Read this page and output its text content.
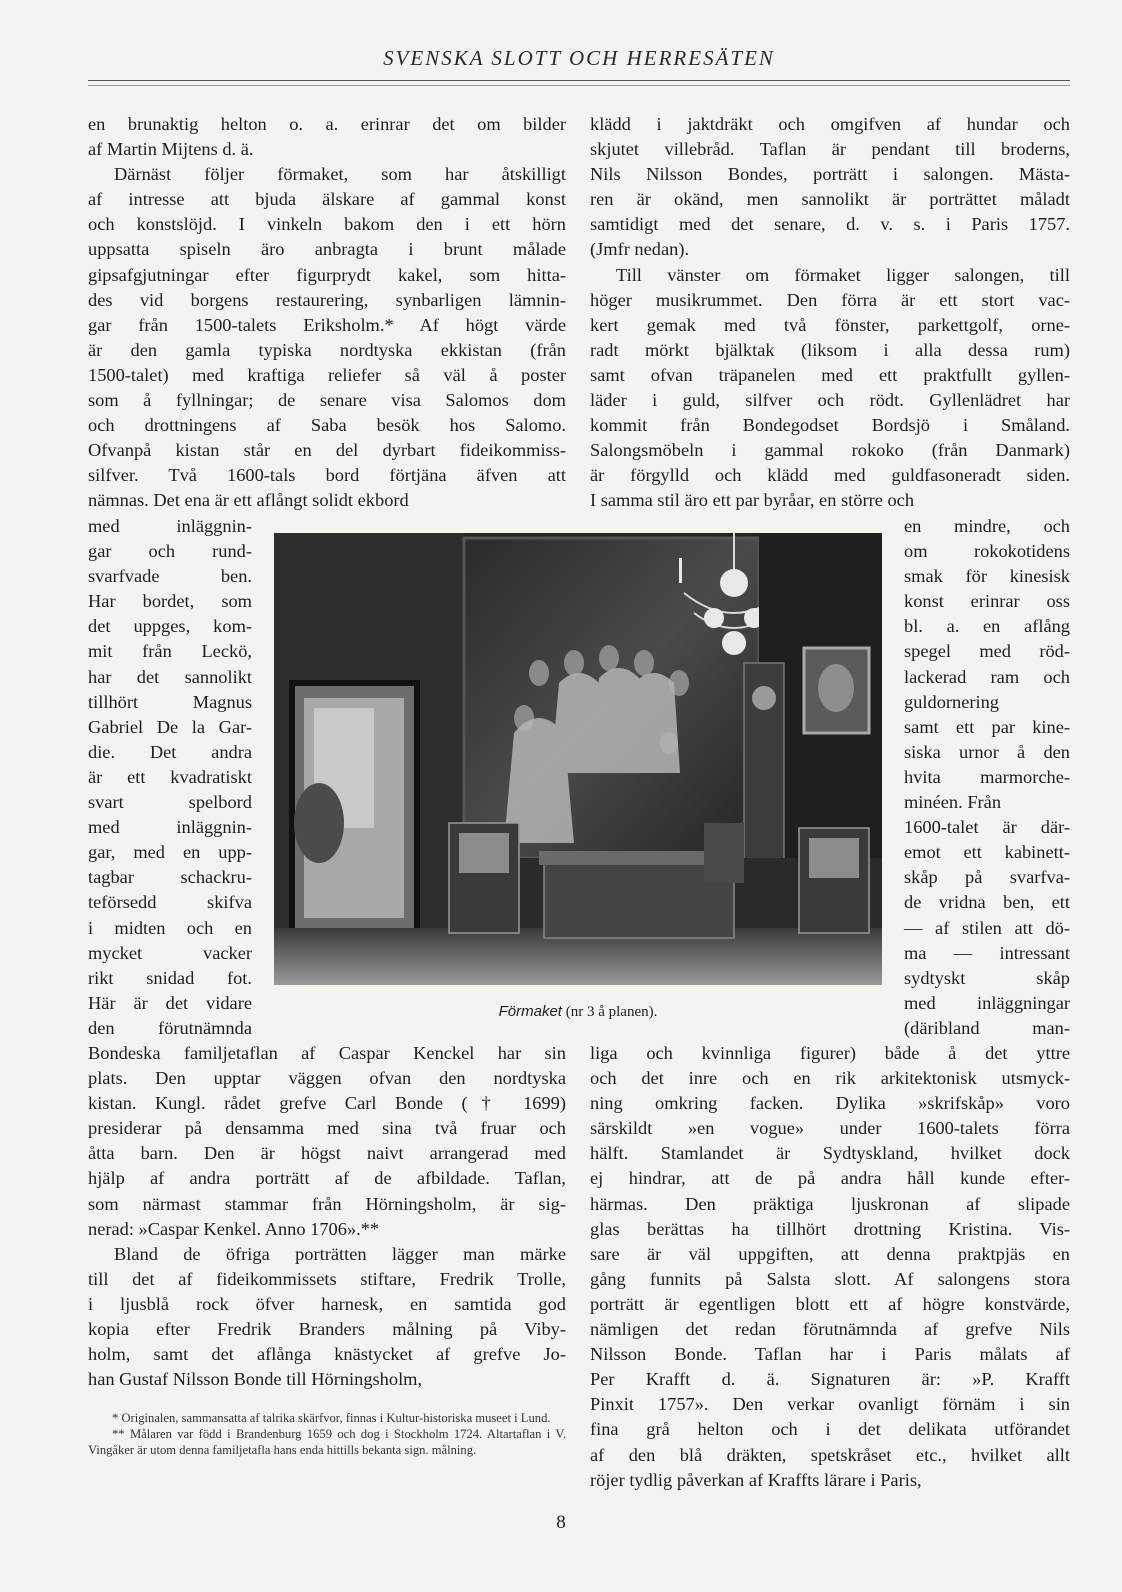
SVENSKA SLOTT OCH HERRESÄTEN
en brunaktig helton o. a. erinrar det om bilder
af Martin Mijtens d. ä.
Därnäst följer förmaket, som har åtskilligt
af intresse att bjuda älskare af gammal konst
och konstslöjd. I vinkeln bakom den i ett hörn
uppsatta spiseln äro anbragta i brunt målade
gipsafgjutningar efter figurprydt kakel, som hitta-
des vid borgens restaurering, synbarligen lämnin-
gar från 1500-talets Eriksholm.* Af högt värde
är den gamla typiska nordtyska ekkistan (från
1500-talet) med kraftiga reliefer så väl å poster
som å fyllningar; de senare visa Salomos dom
och drottningens af Saba besök hos Salomo.
Ofvanpå kistan står en del dyrbart fideikommiss-
silfver. Två 1600-tals bord förtjäna äfven att
nämnas. Det ena är ett aflångt solidt ekbord
med inläggnin-
gar och rund-
svarfvade ben.
Har bordet, som
det uppges, kom-
mit från Leckö,
har det sannolikt
tillhört Magnus
Gabriel De la Gar-
die. Det andra
är ett kvadratiskt
svart spelbord
med inläggnin-
gar, med en upp-
tagbar schackru-
teförsedd skifva
i midten och en
mycket vacker
rikt snidad fot.
Här är det vidare
den förutnämnda
Bondeska familjetaflan af Caspar Kenckel har sin
plats. Den upptar väggen ofvan den nordtyska
kistan. Kungl. rådet grefve Carl Bonde († 1699)
presiderar på densamma med sina två fruar och
åtta barn. Den är högst naivt arrangerad med
hjälp af andra porträtt af de afbildade. Taflan,
som närmast stammar från Hörningsholm, är sig-
nerad: »Caspar Kenkel. Anno 1706».**
Bland de öfriga porträtten lägger man märke
till det af fideikommissets stiftare, Fredrik Trolle,
i ljusblå rock öfver harnesk, en samtida god
kopia efter Fredrik Branders målning på Viby-
holm, samt det aflånga knästycket af grefve Jo-
han Gustaf Nilsson Bonde till Hörningsholm,
klädd i jaktdräkt och omgifven af hundar och
skjutet villebråd. Taflan är pendant till broderns,
Nils Nilsson Bondes, porträtt i salongen. Mästa-
ren är okänd, men sannolikt är porträttet måladt
samtidigt med det senare, d. v. s. i Paris 1757.
(Jmfr nedan).
Till vänster om förmaket ligger salongen, till
höger musikrummet. Den förra är ett stort vac-
kert gemak med två fönster, parkettgolf, orne-
radt mörkt bjälktak (liksom i alla dessa rum)
samt ofvan träpanelen med ett praktfullt gyllen-
läder i guld, silfver och rödt. Gyllenlädret har
kommit från Bondegodset Bordsjö i Småland.
Salongsmöbeln i gammal rokoko (från Danmark)
är förgylld och klädd med guldfasoneradt siden.
I samma stil äro ett par byråar, en större och
en mindre, och
om rokokotidens
smak för kinesisk
konst erinrar oss
bl. a. en aflång
spegel med röd-
lackerad ram och
guldornering
samt ett par kine-
siska urnor å den
hvita marmorche-
minéen. Från
1600-talet är där-
emot ett kabinett-
skåp på svarfva-
de vridna ben, ett
— af stilen att dö-
ma — intressant
sydtyskt skåp
med inläggningar
(däribland man-
liga och kvinnliga figurer) både å det yttre
och det inre och en rik arkitektonisk utsmyck-
ning omkring facken. Dylika »skrifskåp» voro
särskildt »en vogue» under 1600-talets förra
hälft. Stamlandet är Sydtyskland, hvilket dock
ej hindrar, att de på andra håll kunde efter-
härmas. Den präktiga ljuskronan af slipade
glas berättas ha tillhört drottning Kristina. Vis-
sare är väl uppgiften, att denna praktpjäs en
gång funnits på Salsta slott. Af salongens stora
porträtt är egentligen blott ett af högre konstvärde,
nämligen det redan förutnämnda af grefve Nils
Nilsson Bonde. Taflan har i Paris målats af
Per Krafft d. ä. Signaturen är: »P. Krafft
Pinxit 1757». Den verkar ovanligt förnäm i sin
fina grå helton och i det delikata utförandet
af den blå dräkten, spetskråset etc., hvilket allt
röjer tydlig påverkan af Kraffts lärare i Paris,
Förmaket (nr 3 å planen).

* Originalen, sammansatta af talrika skärfvor, finnas i Kultur-historiska museet i Lund.

** Målaren var född i Brandenburg 1659 och dog i Stockholm 1724. Altartaflan i V. Vingåker är utom denna familjetafla hans enda hittills bekanta sign. målning.

8
